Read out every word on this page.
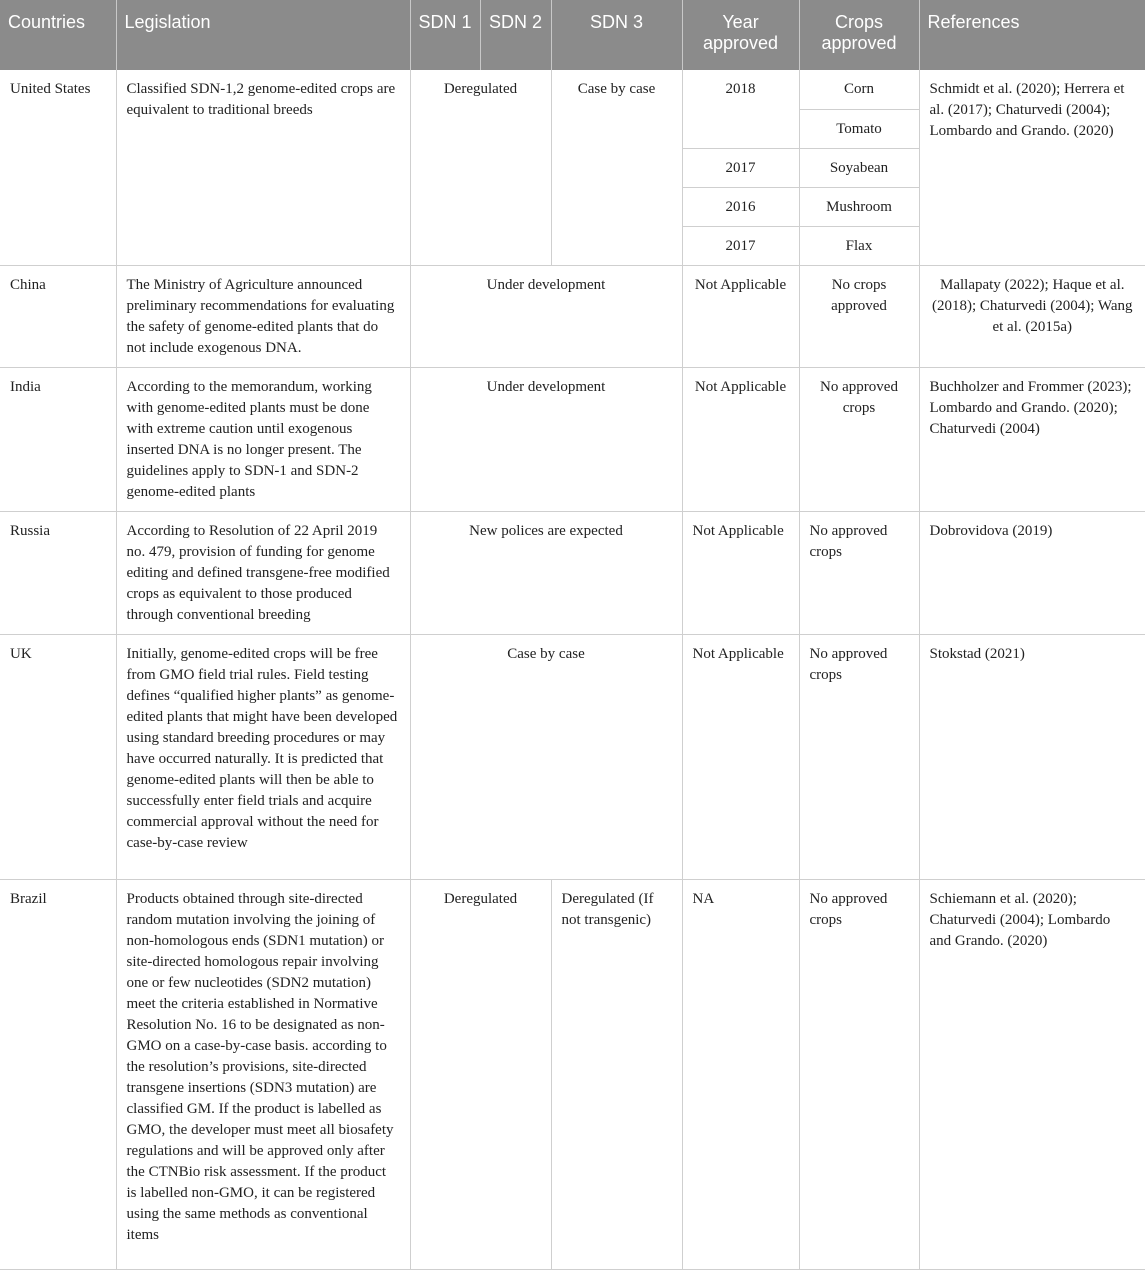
Countries	Legislation	SDN 1	SDN 2	SDN 3	Year approved	Crops approved	References
United States	Classified SDN-1,2 genome-edited crops are equivalent to traditional breeds	Deregulated		Case by case	2018	Corn	Schmidt et al. (2020); Herrera et al. (2017); Chaturvedi (2004); Lombardo and Grando. (2020)
						Tomato	
					2017	Soyabean	
					2016	Mushroom	
					2017	Flax	
China	The Ministry of Agriculture announced preliminary recommendations for evaluating the safety of genome-edited plants that do not include exogenous DNA.	Under development			Not Applicable	No crops approved	Mallapaty (2022); Haque et al. (2018); Chaturvedi (2004); Wang et al. (2015a)
India	According to the memorandum, working with genome-edited plants must be done with extreme caution until exogenous inserted DNA is no longer present. The guidelines apply to SDN-1 and SDN-2 genome-edited plants	Under development			Not Applicable	No approved crops	Buchholzer and Frommer (2023); Lombardo and Grando. (2020); Chaturvedi (2004)
Russia	According to Resolution of 22 April 2019 no. 479, provision of funding for genome editing and defined transgene-free modified crops as equivalent to those produced through conventional breeding	New polices are expected			Not Applicable	No approved crops	Dobrovidova (2019)
UK	Initially, genome-edited crops will be free from GMO field trial rules. Field testing defines “qualified higher plants” as genome-edited plants that might have been developed using standard breeding procedures or may have occurred naturally. It is predicted that genome-edited plants will then be able to successfully enter field trials and acquire commercial approval without the need for case-by-case review	Case by case			Not Applicable	No approved crops	Stokstad (2021)
Brazil	Products obtained through site-directed random mutation involving the joining of non-homologous ends (SDN1 mutation) or site-directed homologous repair involving one or few nucleotides (SDN2 mutation) meet the criteria established in Normative Resolution No. 16 to be designated as non-GMO on a case-by-case basis. according to the resolution’s provisions, site-directed transgene insertions (SDN3 mutation) are classified GM. If the product is labelled as GMO, the developer must meet all biosafety regulations and will be approved only after the CTNBio risk assessment. If the product is labelled non-GMO, it can be registered using the same methods as conventional items	Deregulated		Deregulated (If not transgenic)	NA	No approved crops	Schiemann et al. (2020); Chaturvedi (2004); Lombardo and Grando. (2020)
